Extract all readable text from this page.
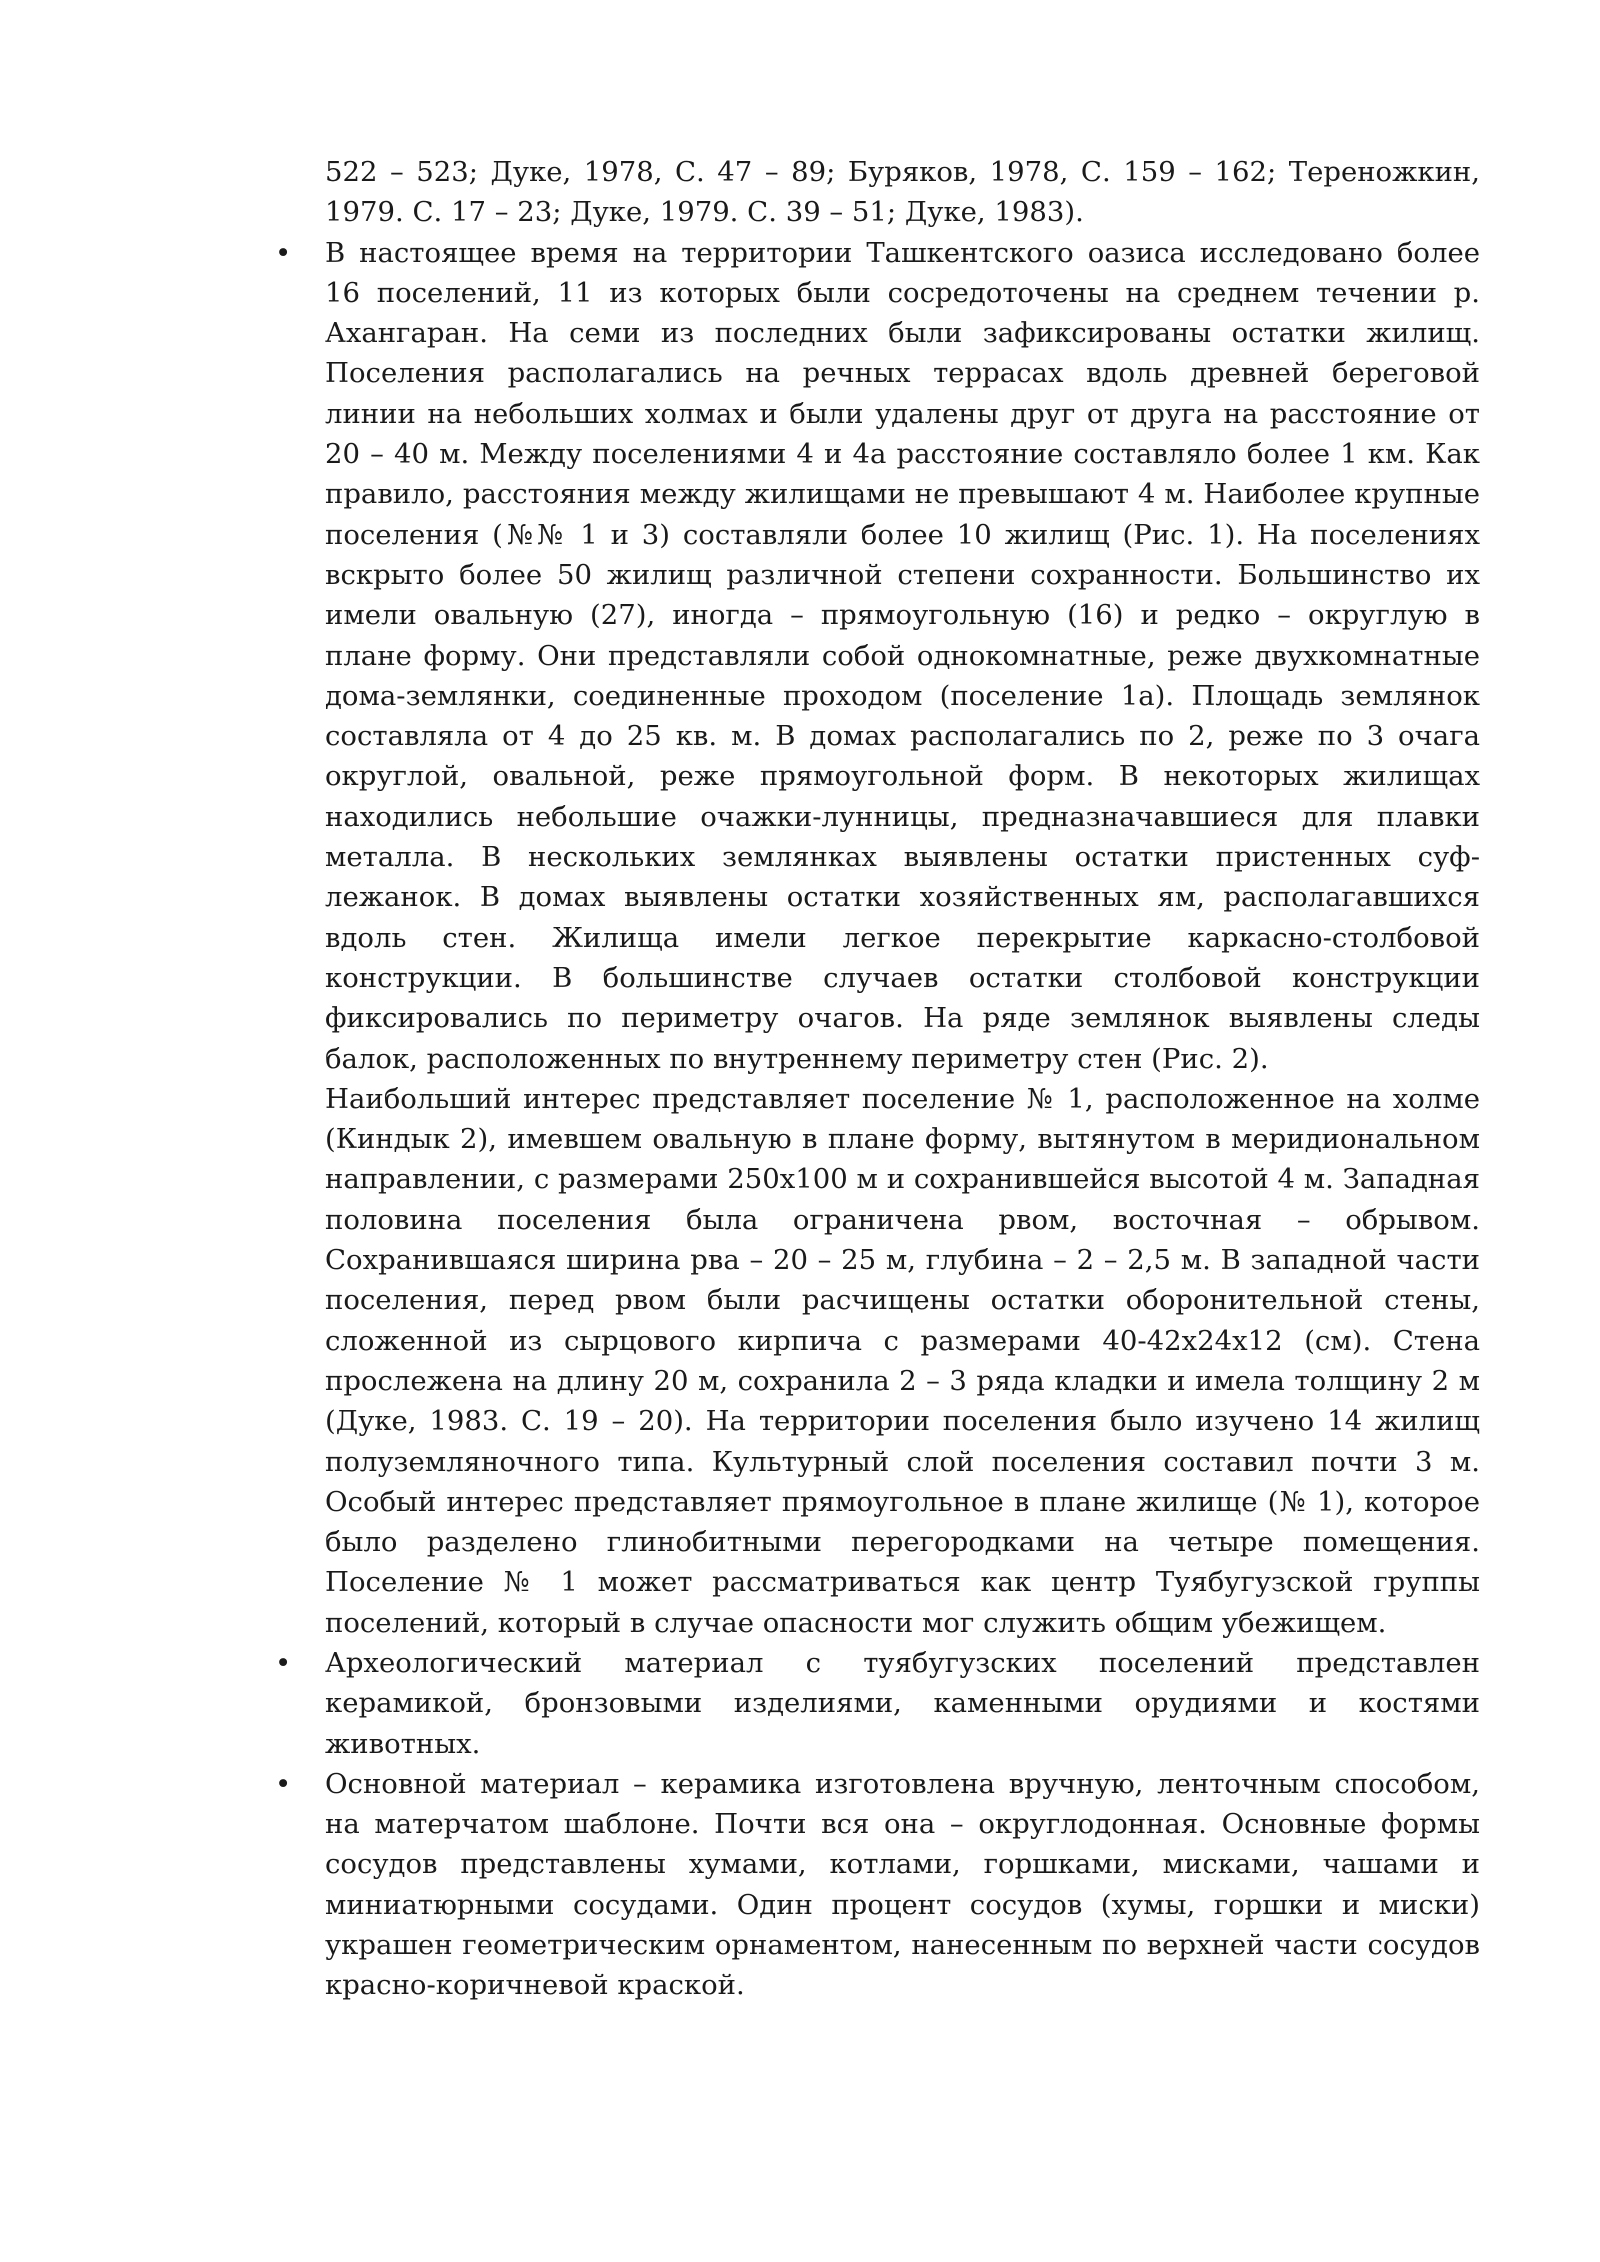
522 – 523; Дуке, 1978, С. 47 – 89; Буряков, 1978, С. 159 – 162; Тереножкин, 1979. С. 17 – 23; Дуке, 1979. С. 39 – 51; Дуке, 1983).

• В настоящее время на территории Ташкентского оазиса исследовано более 16 поселений, 11 из которых были сосредоточены на среднем течении р. Ахангаран. На семи из последних были зафиксированы остатки жилищ. Поселения располагались на речных террасах вдоль древней береговой линии на небольших холмах и были удалены друг от друга на расстояние от 20 – 40 м. Между поселениями 4 и 4а расстояние составляло более 1 км. Как правило, расстояния между жилищами не превышают 4 м. Наиболее крупные поселения (№№ 1 и 3) составляли более 10 жилищ (Рис. 1). На поселениях вскрыто более 50 жилищ различной степени сохранности. Большинство их имели овальную (27), иногда – прямоугольную (16) и редко – округлую в плане форму. Они представляли собой однокомнатные, реже двухкомнатные дома-землянки, соединенные проходом (поселение 1а). Площадь землянок составляла от 4 до 25 кв. м. В домах располагались по 2, реже по 3 очага округлой, овальной, реже прямоугольной форм. В некоторых жилищах находились небольшие очажки-лунницы, предназначавшиеся для плавки металла. В нескольких землянках выявлены остатки пристенных суф-лежанок. В домах выявлены остатки хозяйственных ям, располагавшихся вдоль стен. Жилища имели легкое перекрытие каркасно-столбовой конструкции. В большинстве случаев остатки столбовой конструкции фиксировались по периметру очагов. На ряде землянок выявлены следы балок, расположенных по внутреннему периметру стен (Рис. 2).

Наибольший интерес представляет поселение № 1, расположенное на холме (Киндык 2), имевшем овальную в плане форму, вытянутом в меридиональном направлении, с размерами 250х100 м и сохранившейся высотой 4 м. Западная половина поселения была ограничена рвом, восточная – обрывом. Сохранившаяся ширина рва – 20 – 25 м, глубина – 2 – 2,5 м. В западной части поселения, перед рвом были расчищены остатки оборонительной стены, сложенной из сырцового кирпича с размерами 40-42х24х12 (см). Стена прослежена на длину 20 м, сохранила 2 – 3 ряда кладки и имела толщину 2 м (Дуке, 1983. С. 19 – 20). На территории поселения было изучено 14 жилищ полуземляночного типа. Культурный слой поселения составил почти 3 м. Особый интерес представляет прямоугольное в плане жилище (№ 1), которое было разделено глинобитными перегородками на четыре помещения. Поселение № 1 может рассматриваться как центр Туябугузской группы поселений, который в случае опасности мог служить общим убежищем.

• Археологический материал с туябугузских поселений представлен керамикой, бронзовыми изделиями, каменными орудиями и костями животных.

• Основной материал – керамика изготовлена вручную, ленточным способом, на матерчатом шаблоне. Почти вся она – округлодонная. Основные формы сосудов представлены хумами, котлами, горшками, мисками, чашами и миниатюрными сосудами. Один процент сосудов (хумы, горшки и миски) украшен геометрическим орнаментом, нанесенным по верхней части сосудов красно-коричневой краской.
